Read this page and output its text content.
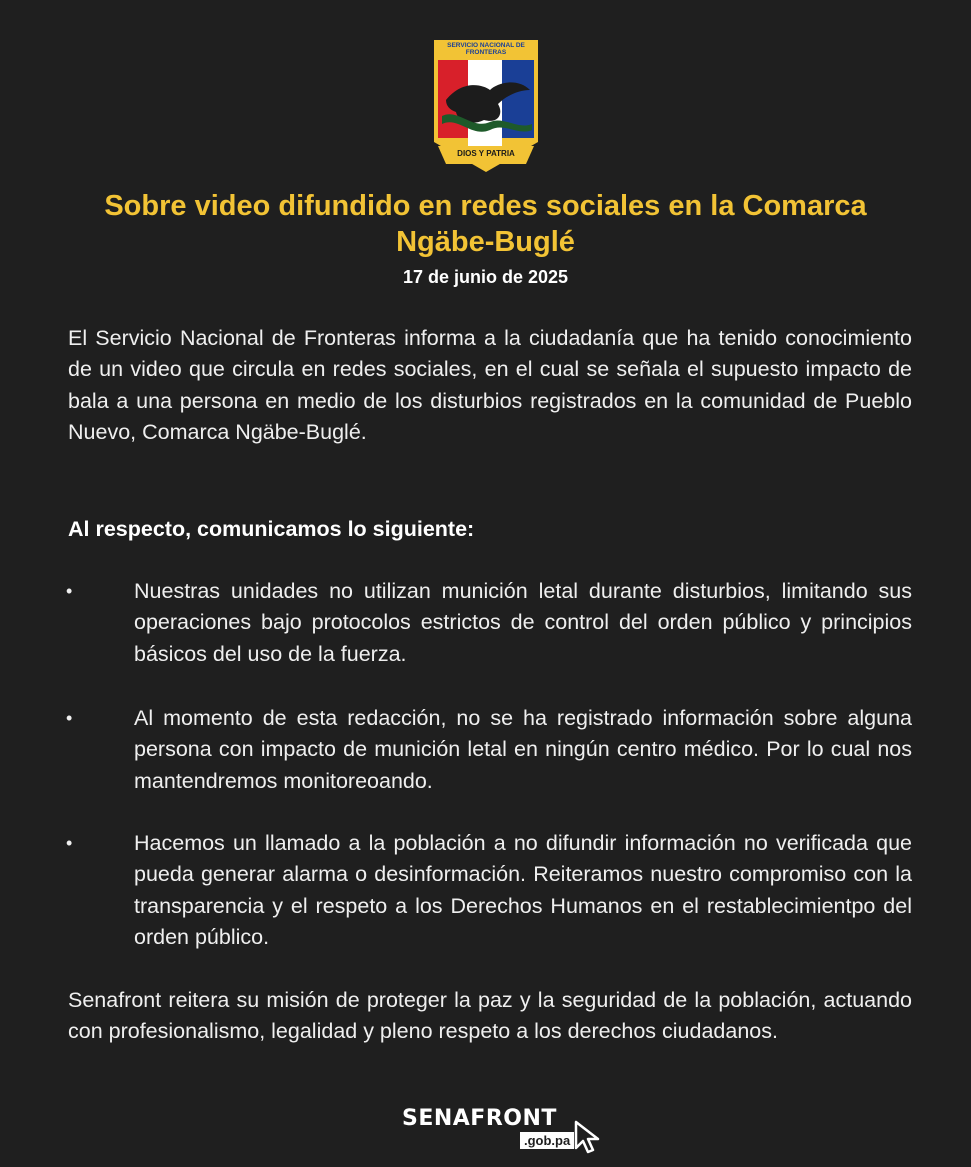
SERVICIO NACIONAL DE FRONTERAS
DIOS Y PATRIA
Sobre video difundido en redes sociales en la Comarca Ngäbe-Buglé
17 de junio de 2025

El Servicio Nacional de Fronteras informa a la ciudadanía que ha tenido conocimiento de un video que circula en redes sociales, en el cual se señala el supuesto impacto de bala a una persona en medio de los disturbios registrados en la comunidad de Pueblo Nuevo, Comarca Ngäbe-Buglé.

Al respecto, comunicamos lo siguiente:

•	Nuestras unidades no utilizan munición letal durante disturbios, limitando sus operaciones bajo protocolos estrictos de control del orden público y principios básicos del uso de la fuerza.

•	Al momento de esta redacción, no se ha registrado información sobre alguna persona con impacto de munición letal en ningún centro médico. Por lo cual nos mantendremos monitoreoando.

•	Hacemos un llamado a la población a no difundir información no verificada que pueda generar alarma o desinformación. Reiteramos nuestro compromiso con la transparencia y el respeto a los Derechos Humanos en el restablecimientpo del orden público.

Senafront reitera su misión de proteger la paz y la seguridad de la población, actuando con profesionalismo, legalidad y pleno respeto a los derechos ciudadanos.

SENAFRONT
.gob.pa
